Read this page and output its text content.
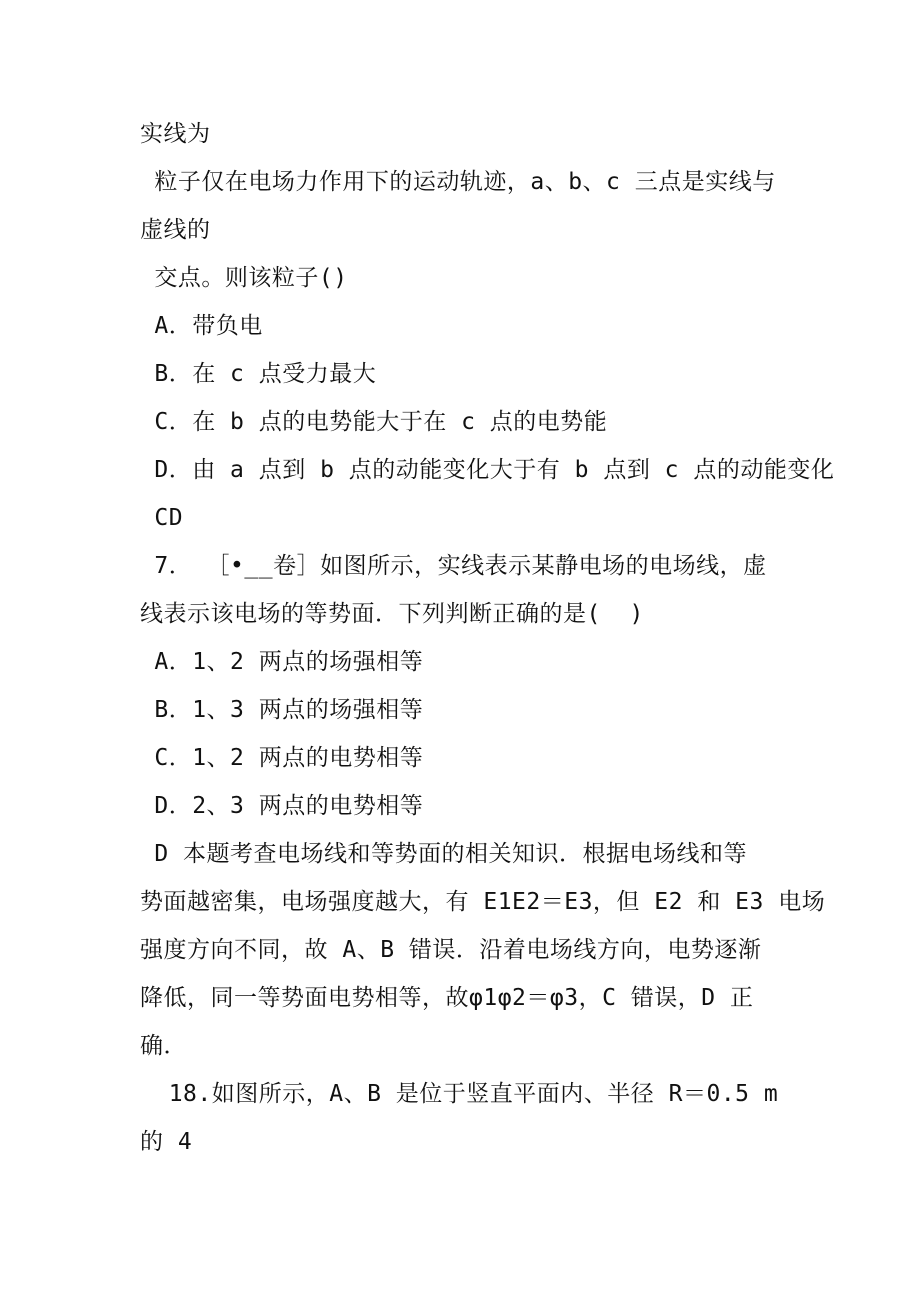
实线为
粒子仅在电场力作用下的运动轨迹，a、b、c 三点是实线与
虚线的
交点。则该粒子()
A．带负电
B．在 c 点受力最大
C．在 b 点的电势能大于在 c 点的电势能
D．由 a 点到 b 点的动能变化大于有 b 点到 c 点的动能变化
CD
7． ［•__卷］如图所示，实线表示某静电场的电场线，虚
线表示该电场的等势面．下列判断正确的是(  )
A．1、2 两点的场强相等
B．1、3 两点的场强相等
C．1、2 两点的电势相等
D．2、3 两点的电势相等
D 本题考查电场线和等势面的相关知识．根据电场线和等
势面越密集，电场强度越大，有 E1E2＝E3，但 E2 和 E3 电场
强度方向不同，故 A、B 错误．沿着电场线方向，电势逐渐
降低，同一等势面电势相等，故φ1φ2＝φ3，C 错误，D 正
确．
18.如图所示，A、B 是位于竖直平面内、半径 R＝0.5 m
的 4
